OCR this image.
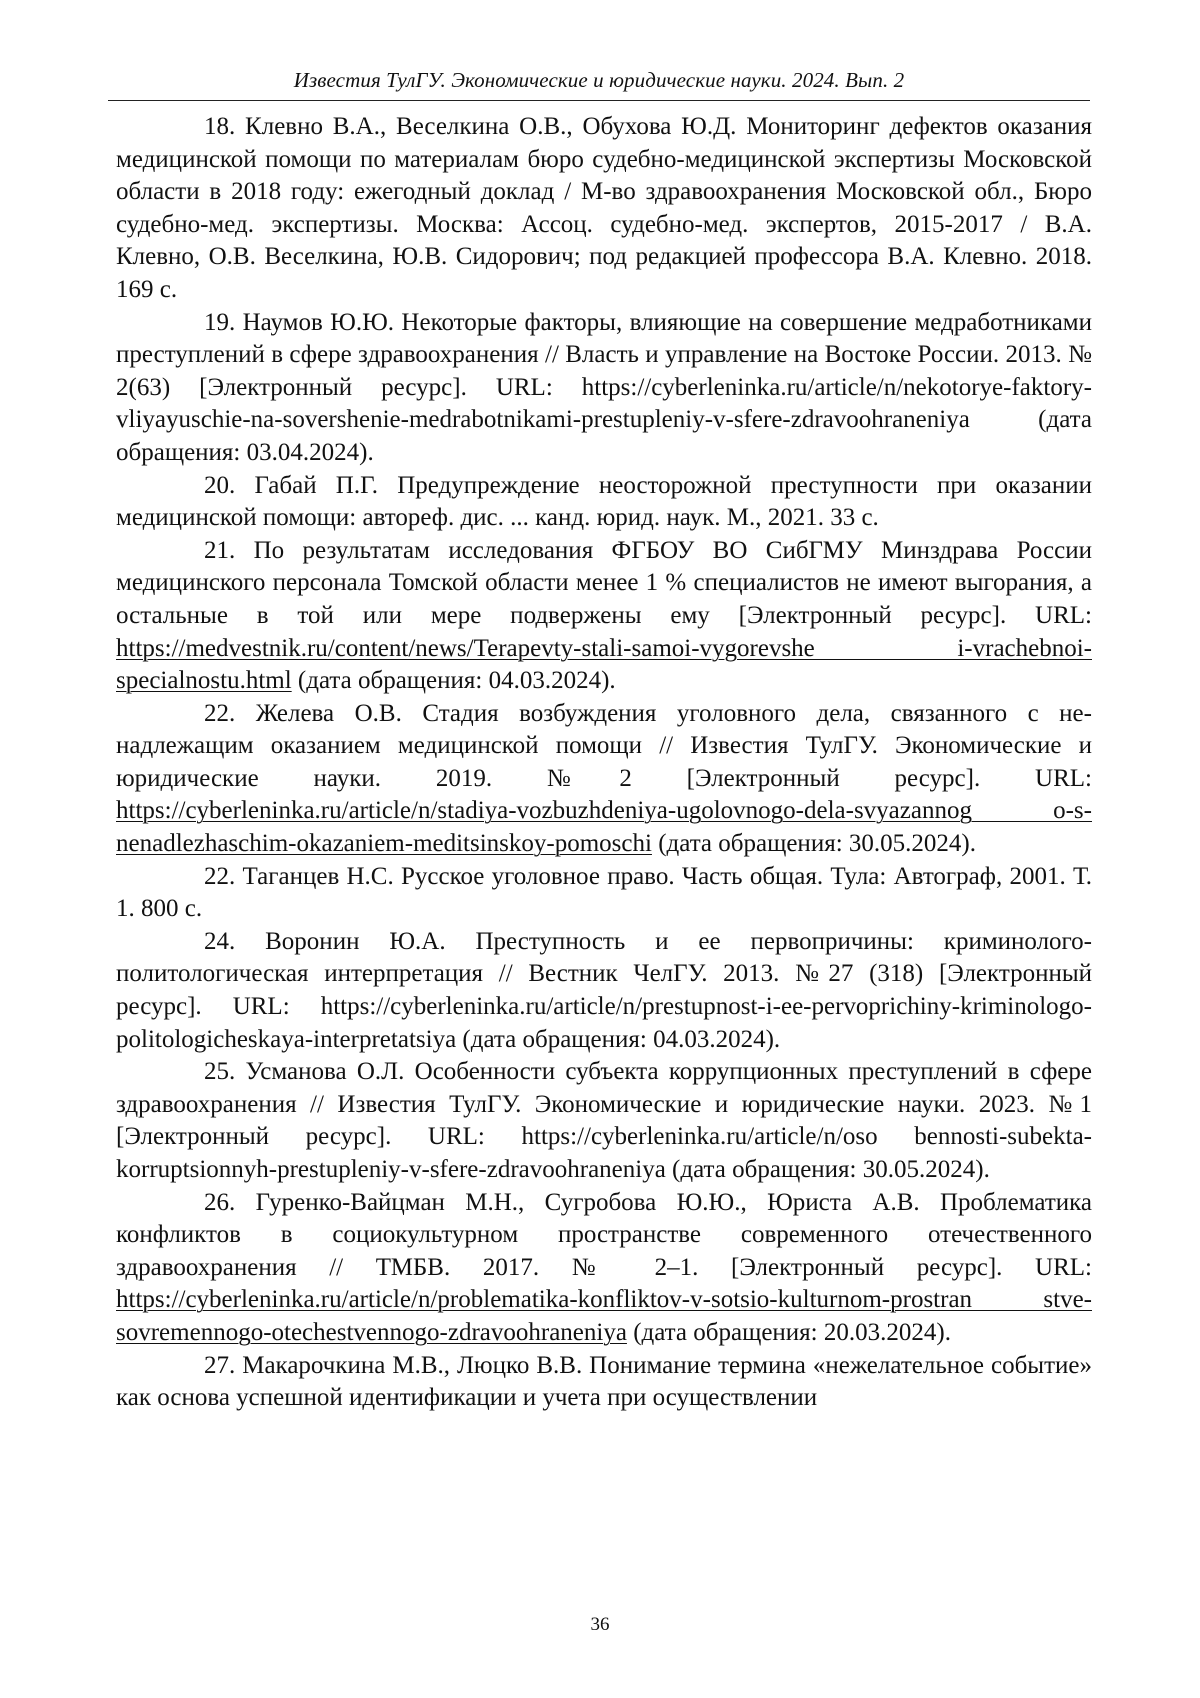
Известия ТулГУ. Экономические и юридические науки. 2024. Вып. 2

18. Клевно В.А., Веселкина О.В., Обухова Ю.Д. Мониторинг дефектов оказания медицинской помощи по материалам бюро судебно-медицинской экспертизы Московской области в 2018 году: ежегодный доклад / М-во здравоохранения Московской обл., Бюро судебно-мед. экспертизы. Москва: Ассоц. судебно-мед. экспертов, 2015-2017 / В.А. Клевно, О.В. Веселкина, Ю.В. Сидорович; под редакцией профессора В.А. Клевно. 2018. 169 с.

19. Наумов Ю.Ю. Некоторые факторы, влияющие на совершение медработниками преступлений в сфере здравоохранения // Власть и управление на Востоке России. 2013. № 2(63) [Электронный ресурс]. URL: https://cyberleninka.ru/article/n/nekotorye-faktory-vliyayuschie-na-sovershenie-medrabotnikami-prestupleniy-v-sfere-zdravoohraneniya (дата обращения: 03.04.2024).

20. Габай П.Г. Предупреждение неосторожной преступности при оказании медицинской помощи: автореф. дис. ... канд. юрид. наук. М., 2021. 33 с.

21. По результатам исследования ФГБОУ ВО СибГМУ Минздрава России медицинского персонала Томской области менее 1 % специалистов не имеют выгорания, а остальные в той или мере подвержены ему [Электронный ресурс]. URL: https://medvestnik.ru/content/news/Terapevty-stali-samoi-vygorevshe i-vrachebnoi-specialnostu.html (дата обращения: 04.03.2024).

22. Желева О.В. Стадия возбуждения уголовного дела, связанного с ненадлежащим оказанием медицинской помощи // Известия ТулГУ. Экономические и юридические науки. 2019. №2 [Электронный ресурс]. URL: https://cyberleninka.ru/article/n/stadiya-vozbuzhdeniya-ugolovnogo-dela-svyazannog o-s-nenadlezhaschim-okazaniem-meditsinskoy-pomoschi (дата обращения: 30.05.2024).

22. Таганцев Н.С. Русское уголовное право. Часть общая. Тула: Автограф, 2001. Т. 1. 800 с.

24. Воронин Ю.А. Преступность и ее первопричины: криминолого-политологическая интерпретация // Вестник ЧелГУ. 2013. №27 (318) [Электронный ресурс]. URL: https://cyberleninka.ru/article/n/prestupnost-i-ee-pervoprichiny-kriminologo-politologicheskaya-interpretatsiya (дата обращения: 04.03.2024).

25. Усманова О.Л. Особенности субъекта коррупционных преступлений в сфере здравоохранения // Известия ТулГУ. Экономические и юридические науки. 2023. №1 [Электронный ресурс]. URL: https://cyberleninka.ru/article/n/oso bennosti-subekta-korruptsionnyh-prestupleniy-v-sfere-zdravoohraneniya (дата обращения: 30.05.2024).

26. Гуренко-Вайцман М.Н., Сугробова Ю.Ю., Юриста А.В. Проблематика конфликтов в социокультурном пространстве современного отечественного здравоохранения // ТМБВ. 2017. № 2–1. [Электронный ресурс]. URL: https://cyberleninka.ru/article/n/problematika-konfliktov-v-sotsio-kulturnom-prostran stve-sovremennogo-otechestvennogo-zdravoohraneniya (дата обращения: 20.03.2024).

27. Макарочкина М.В., Люцко В.В. Понимание термина «нежелательное событие» как основа успешной идентификации и учета при осуществлении

36
